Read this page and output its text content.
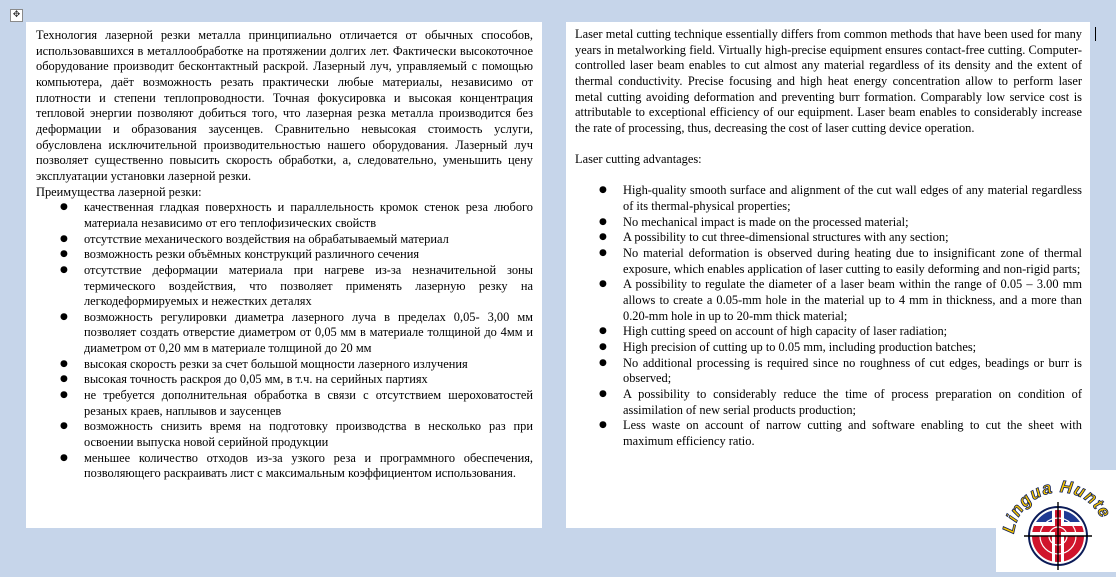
✥

Технология лазерной резки металла принципиально отличается от обычных способов, использовавшихся в металлообработке на протяжении долгих лет. Фактически высокоточное оборудование производит бесконтактный раскрой. Лазерный луч, управляемый с помощью компьютера, даёт возможность резать практически любые материалы, независимо от плотности и степени теплопроводности. Точная фокусировка и высокая концентрация тепловой энергии позволяют добиться того, что лазерная резка металла производится без деформации и образования заусенцев. Сравнительно невысокая стоимость услуги, обусловлена исключительной производительностью нашего оборудования. Лазерный луч позволяет существенно повысить скорость обработки, а, следовательно, уменьшить цену эксплуатации установки лазерной резки.

Преимущества лазерной резки:

● качественная гладкая поверхность и параллельность кромок стенок реза любого материала независимо от его теплофизических свойств
● отсутствие механического воздействия на обрабатываемый материал
● возможность резки объёмных конструкций различного сечения
● отсутствие деформации материала при нагреве из-за незначительной зоны термического воздействия, что позволяет применять лазерную резку на легкодеформируемых и нежестких деталях
● возможность регулировки диаметра лазерного луча в пределах 0,05- 3,00 мм позволяет создать отверстие диаметром от 0,05 мм в материале толщиной до 4мм и диаметром от 0,20 мм в материале толщиной до 20 мм
● высокая скорость резки за счет большой мощности лазерного излучения
● высокая точность раскроя до 0,05 мм, в т.ч. на серийных партиях
● не требуется дополнительная обработка в связи с отсутствием шероховатостей резаных краев, наплывов и заусенцев
● возможность снизить время на подготовку производства в несколько раз при освоении выпуска новой серийной продукции
● меньшее количество отходов из-за узкого реза и программного обеспечения, позволяющего раскраивать лист с максимальным коэффициентом использования.

Laser metal cutting technique essentially differs from common methods that have been used for many years in metalworking field. Virtually high-precise equipment ensures contact-free cutting. Computer-controlled laser beam enables to cut almost any material regardless of its density and the extent of thermal conductivity. Precise focusing and high heat energy concentration allow to perform laser metal cutting avoiding deformation and preventing burr formation. Comparably low service cost is attributable to exceptional efficiency of our equipment. Laser beam enables to considerably increase the rate of processing, thus, decreasing the cost of laser cutting device operation.

Laser cutting advantages:

● High-quality smooth surface and alignment of the cut wall edges of any material regardless of its thermal-physical properties;
● No mechanical impact is made on the processed material;
● A possibility to cut three-dimensional structures with any section;
● No material deformation is observed during heating due to insignificant zone of thermal exposure, which enables application of laser cutting to easily deforming and non-rigid parts;
● A possibility to regulate the diameter of a laser beam within the range of 0.05 – 3.00 mm allows to create a 0.05-mm hole in the material up to 4 mm in thickness, and a more than 0.20-mm hole in up to 20-mm thick material;
● High cutting speed on account of high capacity of laser radiation;
● High precision of cutting up to 0.05 mm, including production batches;
● No additional processing is required since no roughness of cut edges, beadings or burr is observed;
● A possibility to considerably reduce the time of process preparation on condition of assimilation of new serial products production;
● Less waste on account of narrow cutting and software enabling to cut the sheet with maximum efficiency ratio.
Lingua Hunte
